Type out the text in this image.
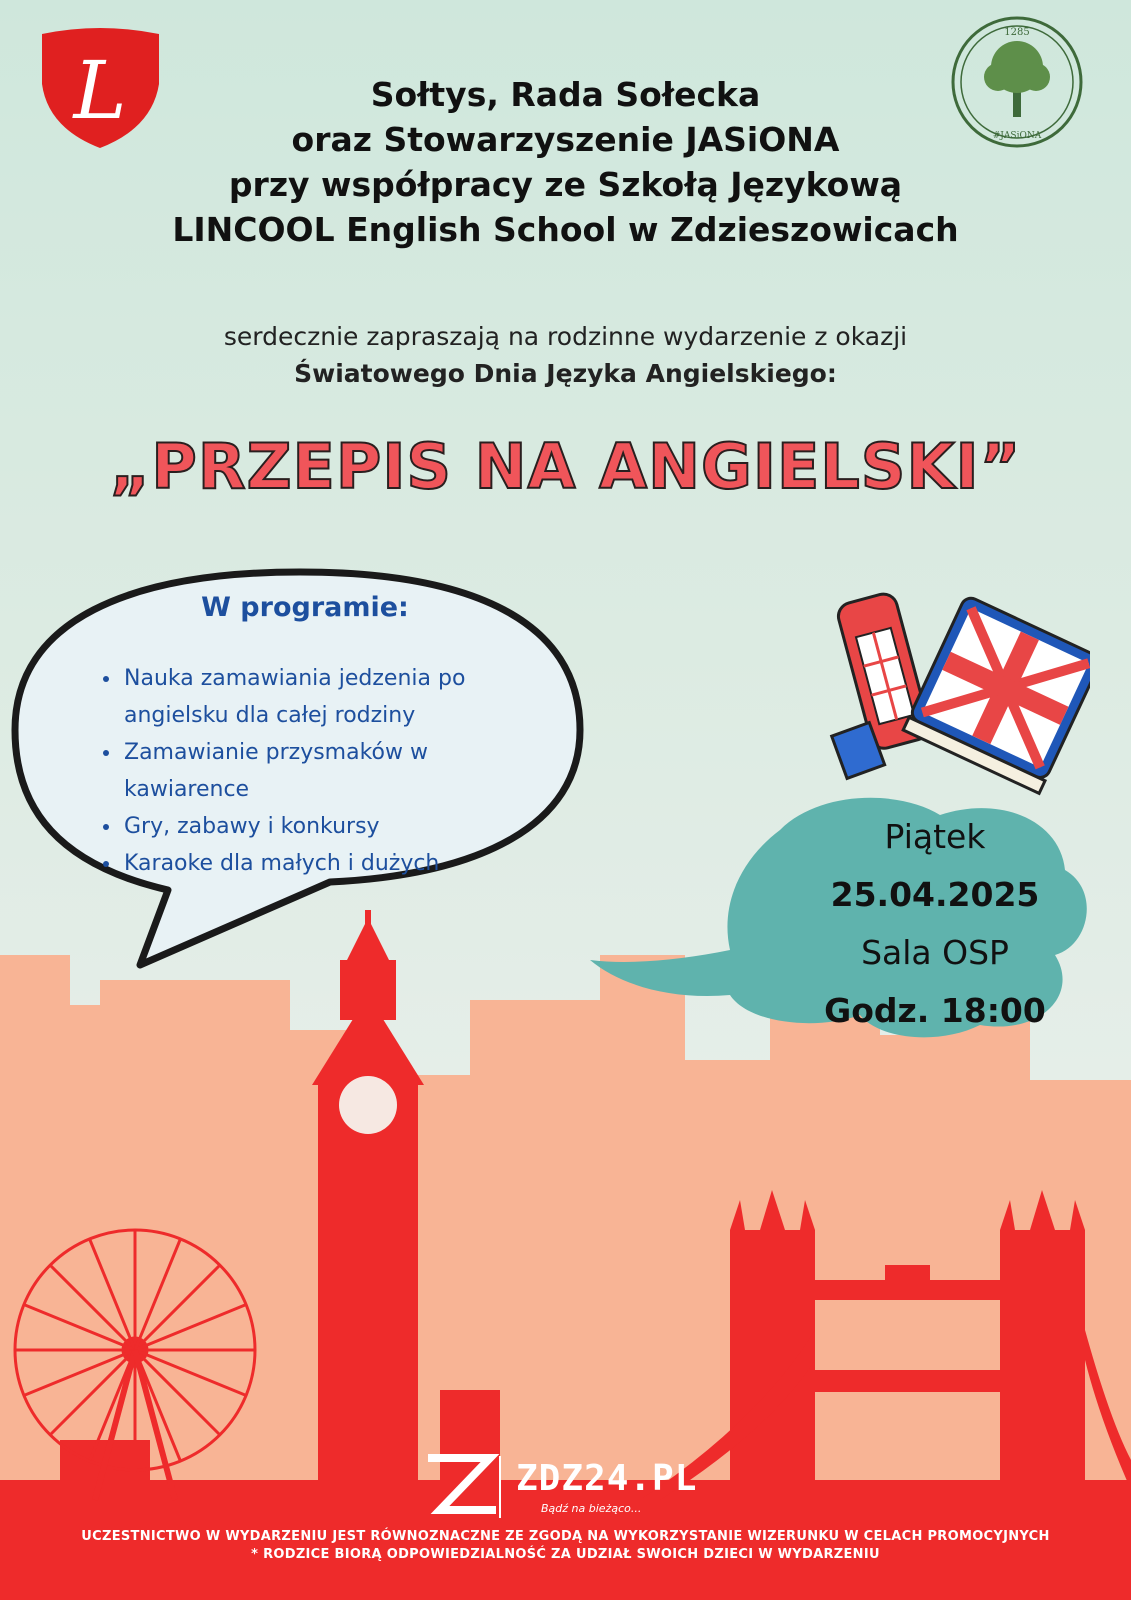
L
1285
#JASiONA
Sołtys, Rada Sołecka
oraz Stowarzyszenie JASiONA
przy współpracy ze Szkołą Językową
LINCOOL English School w Zdzieszowicach
serdecznie zapraszają na rodzinne wydarzenie z okazji
Światowego Dnia Języka Angielskiego:
„PRZEPIS NA ANGIELSKI”
W programie:
• Nauka zamawiania jedzenia po angielsku dla całej rodziny
• Zamawianie przysmaków w kawiarence
• Gry, zabawy i konkursy
• Karaoke dla małych i dużych
Piątek
25.04.2025
Sala OSP
Godz. 18:00
ZDZ24.PL
Bądź na bieżąco...
UCZESTNICTWO W WYDARZENIU JEST RÓWNOZNACZNE ZE ZGODĄ NA WYKORZYSTANIE WIZERUNKU W CELACH PROMOCYJNYCH
* RODZICE BIORĄ ODPOWIEDZIALNOŚĆ ZA UDZIAŁ SWOICH DZIECI W WYDARZENIU
